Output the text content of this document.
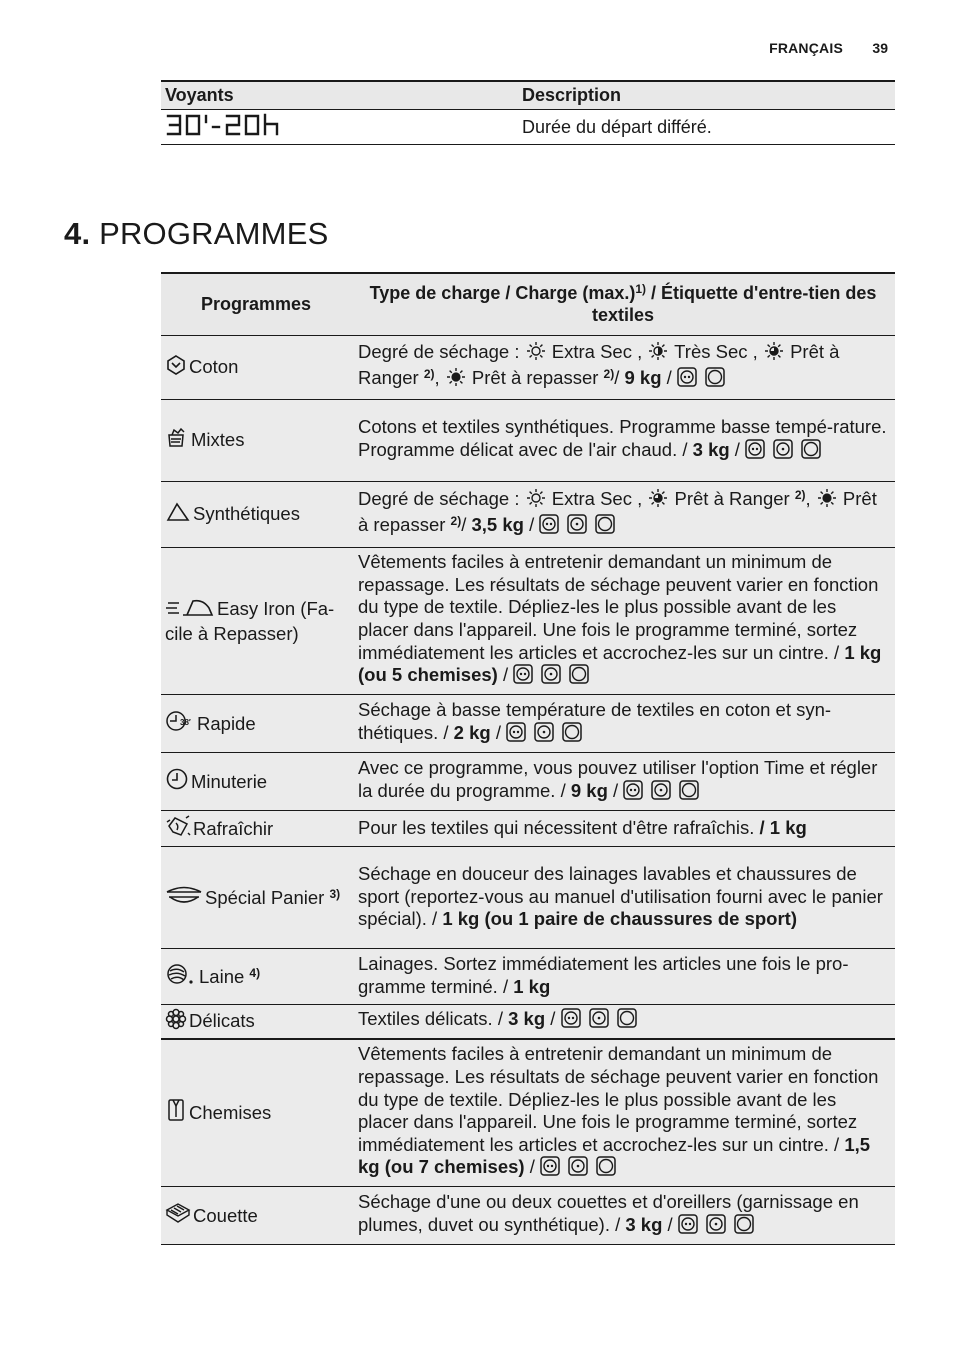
FRANÇAIS 39
Voyants	Description
	Durée du départ différé.
4. PROGRAMMES
Programmes	Type de charge / Charge $(\max.)^{1)}$ / Étiquette d'entre-tien des textiles
Coton	Degré de séchage :  Extra Sec ,  Très Sec ,  Prêt à Ranger $^{2)}$,  Prêt à repasser $^{2)}$/ 9 kg /
Mixtes	Cotons et textiles synthétiques. Programme basse tempé-rature. Programme délicat avec de l'air chaud. / 3 kg /
Synthétiques	Degré de séchage :  Extra Sec ,  Prêt à Ranger $^{2)}$,  Prêt à repasser $^{2)}$/ 3,5 kg /
Easy Iron (Fa-cile à Repasser)	Vêtements faciles à entretenir demandant un minimum de repassage. Les résultats de séchage peuvent varier en fonction du type de textile. Dépliez-les le plus possible avant de les placer dans l'appareil. Une fois le programme terminé, sortez immédiatement les articles et accrochez-les sur un cintre. / 1 kg (ou 5 chemises) /

38′ Rapide	Séchage à basse température de textiles en coton et syn-thétiques. / 2 kg /
Minuterie	Avec ce programme, vous pouvez utiliser l'option Time et régler la durée du programme. / 9 kg /
Rafraîchir	Pour les textiles qui nécessitent d'être rafraîchis. / 1 kg
Spécial Panier $^{3)}$	Séchage en douceur des lainages lavables et chaussures de sport (reportez-vous au manuel d'utilisation fourni avec le panier spécial). / 1 kg (ou 1 paire de chaussures de sport)
Laine $^{4)}$	Lainages. Sortez immédiatement les articles une fois le pro-gramme terminé. / 1 kg
Délicats	Textiles délicats. / 3 kg /
Chemises	Vêtements faciles à entretenir demandant un minimum de repassage. Les résultats de séchage peuvent varier en fonction du type de textile. Dépliez-les le plus possible avant de les placer dans l'appareil. Une fois le programme terminé, sortez immédiatement les articles et accrochez-les sur un cintre. / 1,5 kg (ou 7 chemises) /
Couette	Séchage d'une ou deux couettes et d'oreillers (garnissage en plumes, duvet ou synthétique). / 3 kg /
